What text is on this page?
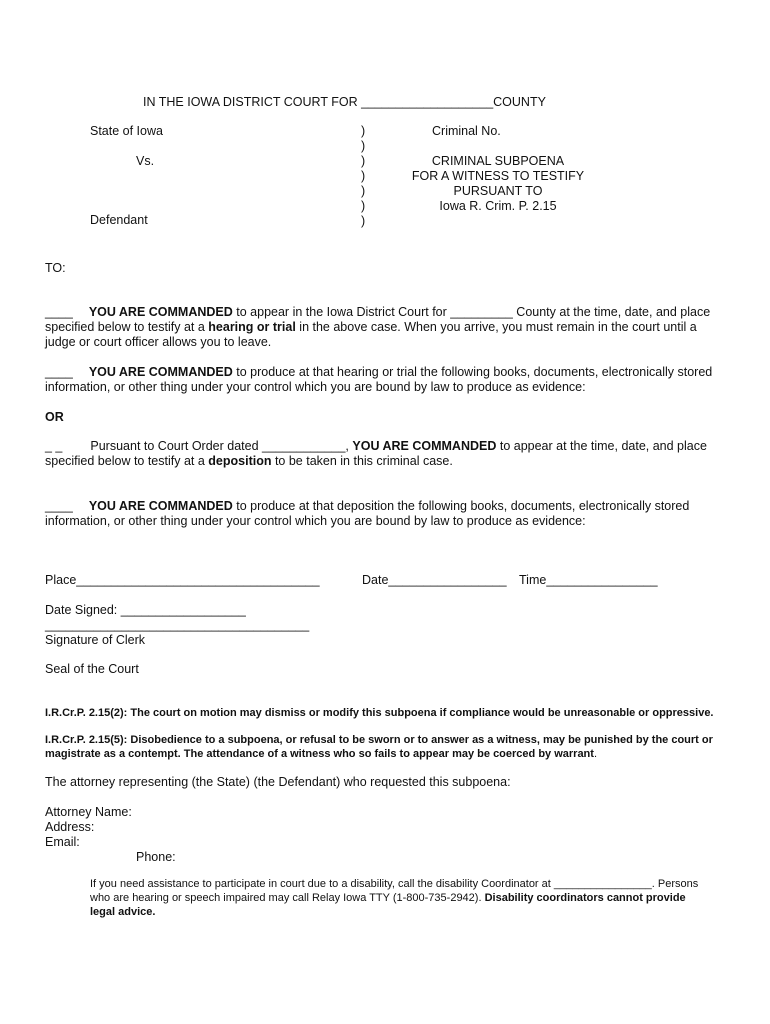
IN THE IOWA DISTRICT COURT FOR ___________________COUNTY
State of Iowa
Vs.
Defendant
)
)
)
)
)
)
)
Criminal No.
CRIMINAL SUBPOENA
FOR A WITNESS TO TESTIFY
PURSUANT TO
Iowa R. Crim. P. 2.15
TO:
____ YOU ARE COMMANDED to appear in the Iowa District Court for _________ County at the time, date, and place specified below to testify at a hearing or trial in the above case. When you arrive, you must remain in the court until a judge or court officer allows you to leave.
____ YOU ARE COMMANDED to produce at that hearing or trial the following books, documents, electronically stored information, or other thing under your control which you are bound by law to produce as evidence:
OR
_ _ Pursuant to Court Order dated ____________, YOU ARE COMMANDED to appear at the time, date, and place specified below to testify at a deposition to be taken in this criminal case.
____ YOU ARE COMMANDED to produce at that deposition the following books, documents, electronically stored information, or other thing under your control which you are bound by law to produce as evidence:
Place___________________________________	Date_________________ Time________________
Date Signed: __________________
______________________________________
Signature of Clerk
Seal of the Court
I.R.Cr.P. 2.15(2): The court on motion may dismiss or modify this subpoena if compliance would be unreasonable or oppressive.
I.R.Cr.P. 2.15(5): Disobedience to a subpoena, or refusal to be sworn or to answer as a witness, may be punished by the court or magistrate as a contempt. The attendance of a witness who so fails to appear may be coerced by warrant.
The attorney representing (the State) (the Defendant) who requested this subpoena:
Attorney Name:
Address:
Email:
Phone:
If you need assistance to participate in court due to a disability, call the disability Coordinator at ________________. Persons who are hearing or speech impaired may call Relay Iowa TTY (1-800-735-2942). Disability coordinators cannot provide legal advice.
